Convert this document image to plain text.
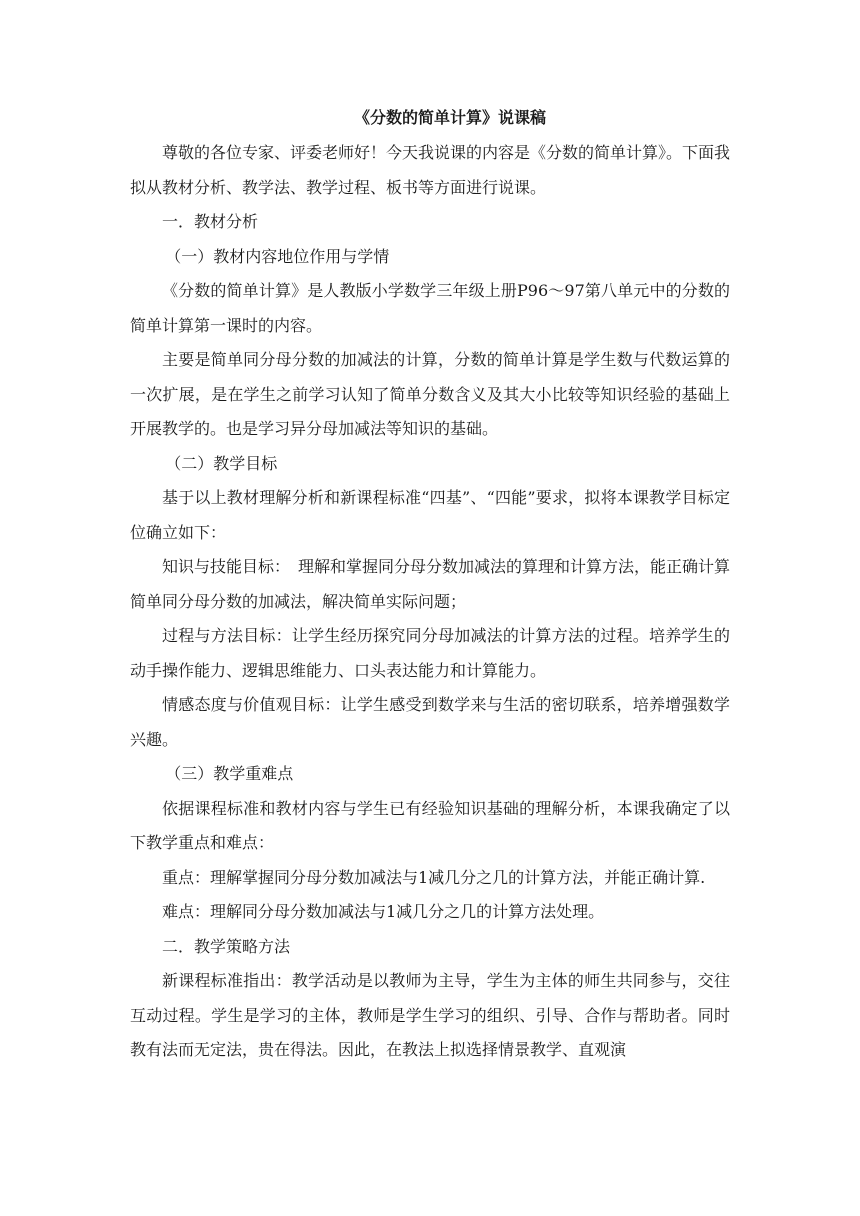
《分数的简单计算》说课稿

尊敬的各位专家、评委老师好！今天我说课的内容是《分数的简单计算》。下面我拟从教材分析、教学法、教学过程、板书等方面进行说课。

一．教材分析

（一）教材内容地位作用与学情

《分数的简单计算》是人教版小学数学三年级上册P96～97第八单元中的分数的简单计算第一课时的内容。

主要是简单同分母分数的加减法的计算，分数的简单计算是学生数与代数运算的一次扩展，是在学生之前学习认知了简单分数含义及其大小比较等知识经验的基础上开展教学的。也是学习异分母加减法等知识的基础。

（二）教学目标

基于以上教材理解分析和新课程标准“四基”、“四能”要求，拟将本课教学目标定位确立如下：

知识与技能目标：　理解和掌握同分母分数加减法的算理和计算方法，能正确计算简单同分母分数的加减法，解决简单实际问题；

过程与方法目标：让学生经历探究同分母加减法的计算方法的过程。培养学生的动手操作能力、逻辑思维能力、口头表达能力和计算能力。

情感态度与价值观目标：让学生感受到数学来与生活的密切联系，培养增强数学兴趣。

（三）教学重难点

依据课程标准和教材内容与学生已有经验知识基础的理解分析，本课我确定了以下教学重点和难点：

重点：理解掌握同分母分数加减法与1减几分之几的计算方法，并能正确计算.

难点：理解同分母分数加减法与1减几分之几的计算方法处理。

二．教学策略方法

新课程标准指出：教学活动是以教师为主导，学生为主体的师生共同参与，交往互动过程。学生是学习的主体，教师是学生学习的组织、引导、合作与帮助者。同时教有法而无定法，贵在得法。因此，在教法上拟选择情景教学、直观演
